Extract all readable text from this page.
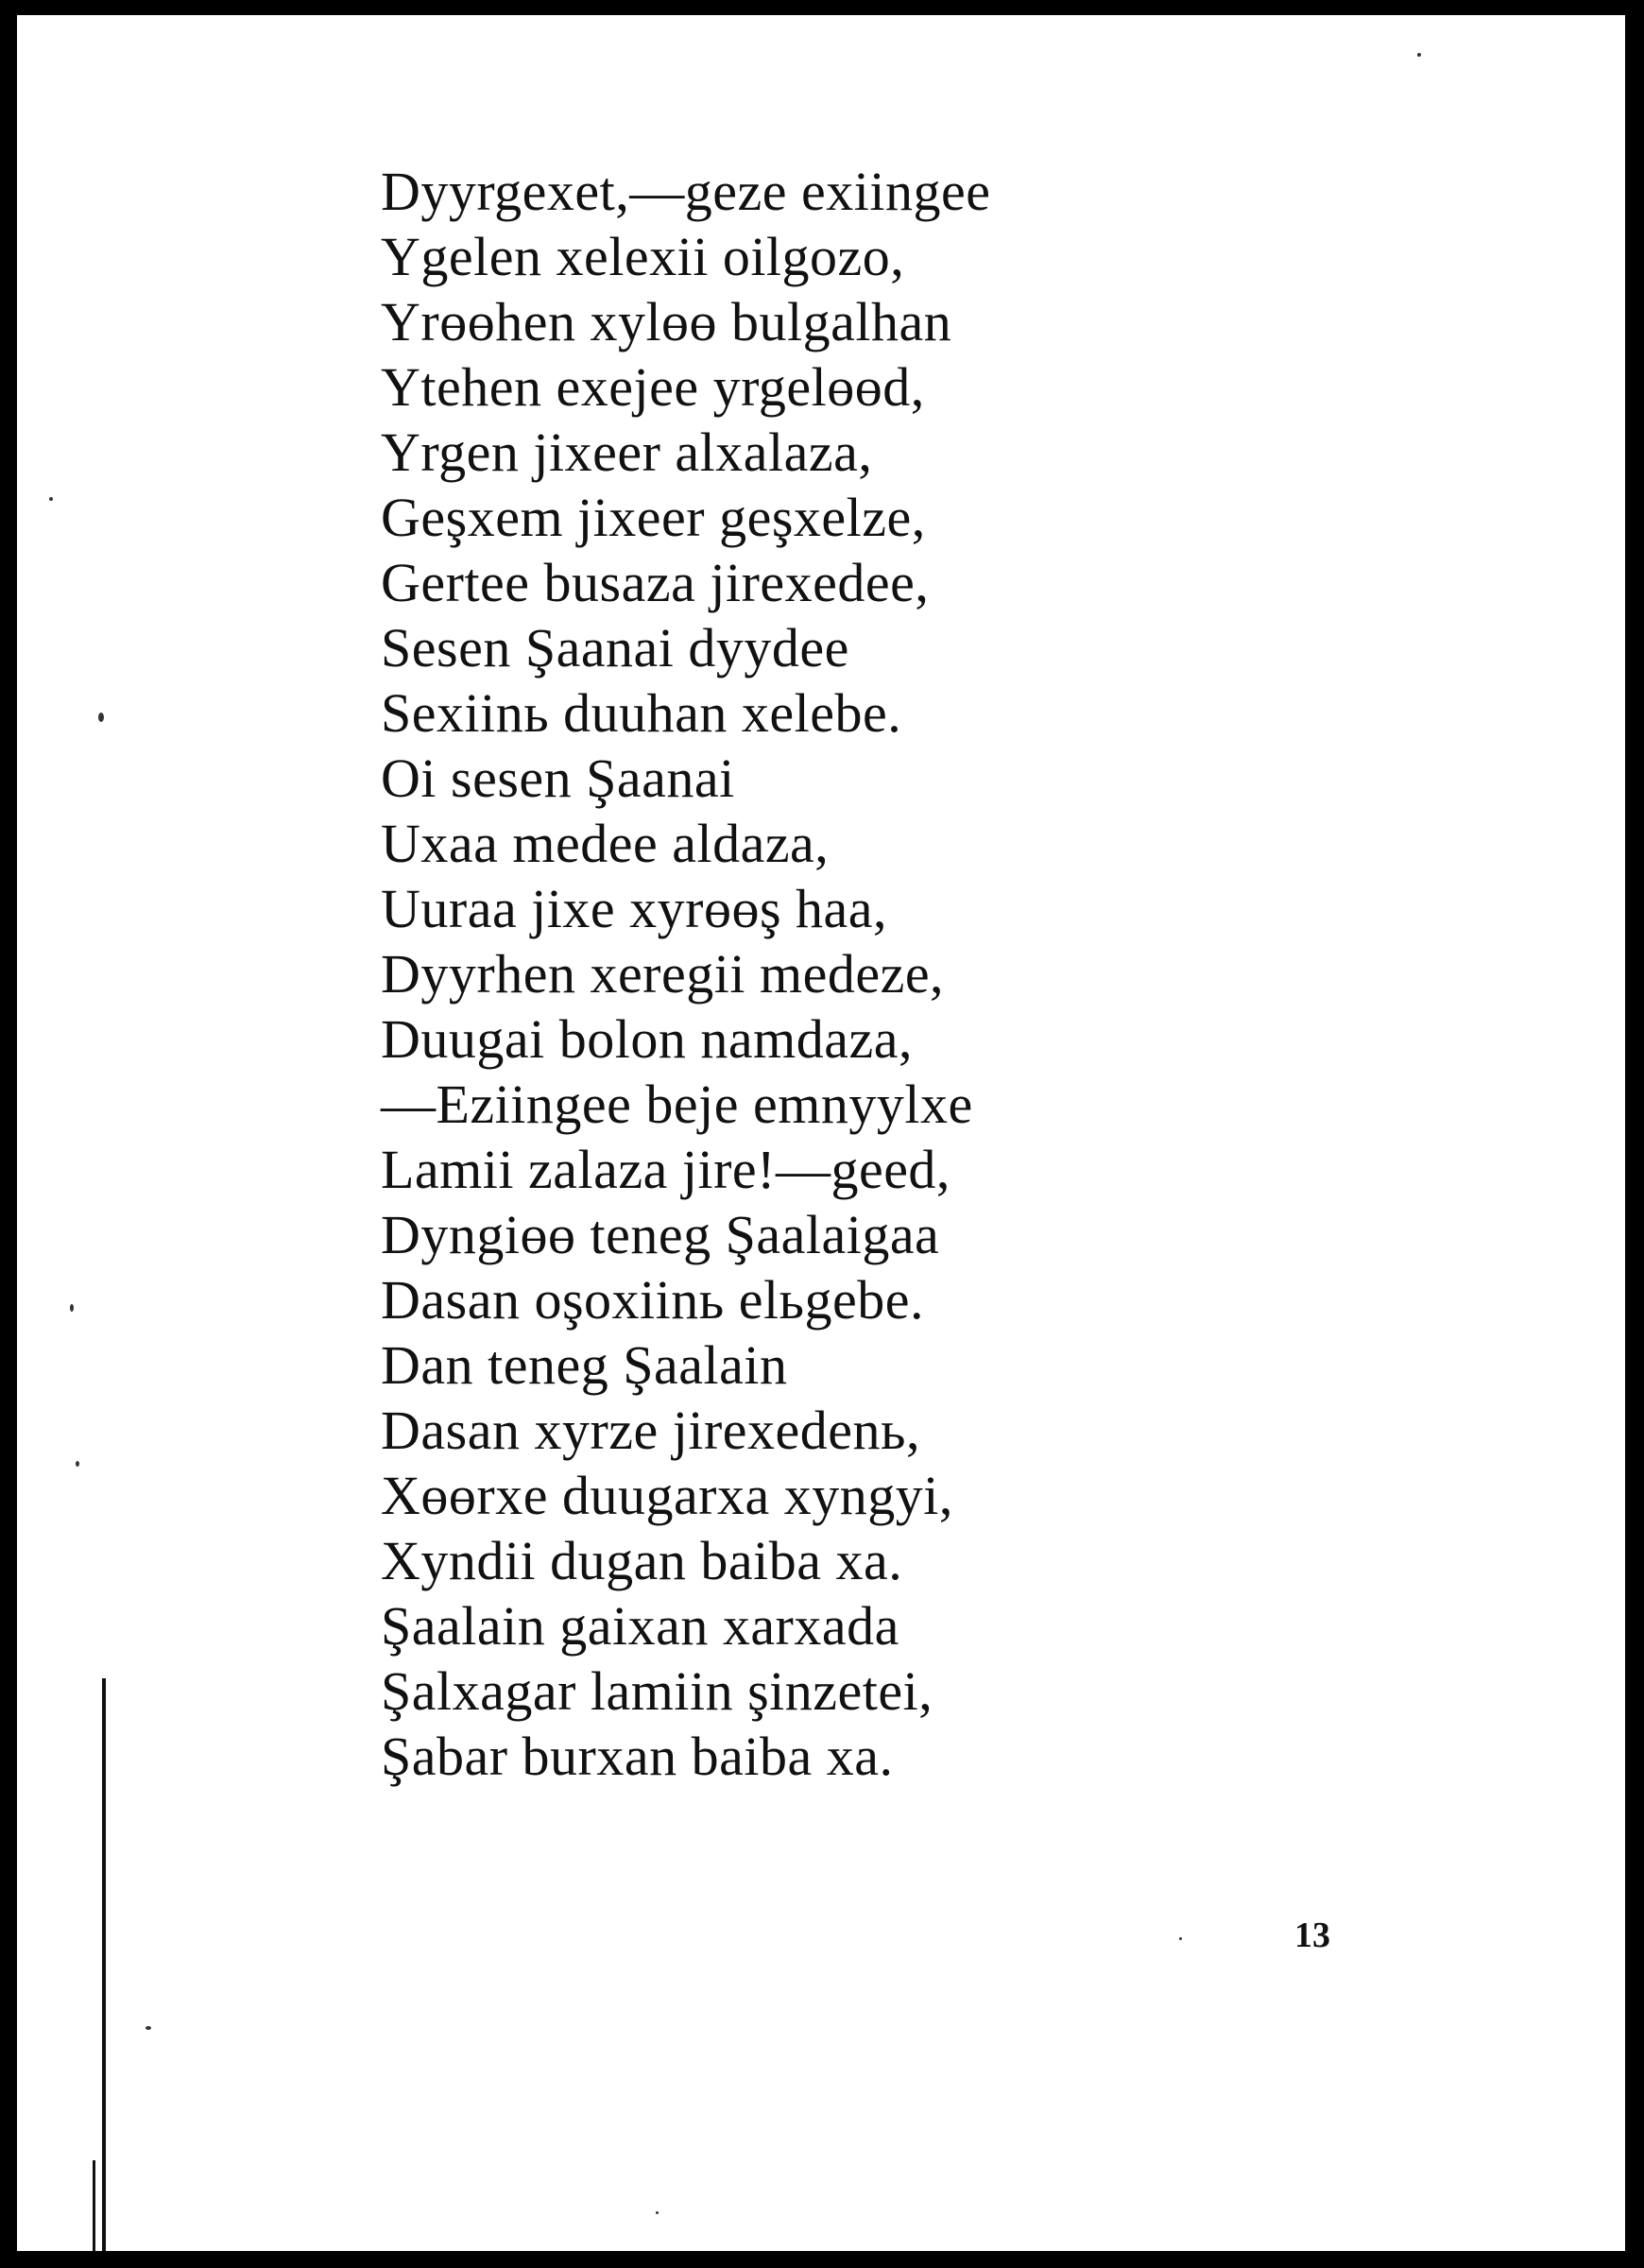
Dyyrgexet,—geze exiingee
Ygelen xelexii oilgozo,
Yrɵɵhen xylɵɵ bulgalhan
Ytehen exejee yrgelɵɵd,
Yrgen jixeer alxalaza,
Geşxem jixeer geşxelze,
Gertee busaza jirexedee,
Sesen Şaanai dyydee
Sexiinь duuhan xelebe.
Oi sesen Şaanai
Uxaa medee aldaza,
Uuraa jixe xyrɵɵş haa,
Dyyrhen xeregii medeze,
Duugai bolon namdaza,
—Eziingee beje emnyylxe
Lamii zalaza jire!—geed,
Dyngiɵɵ teneg Şaalaigaa
Dasan oşoxiinь elьgebe.
Dan teneg Şaalain
Dasan xyrze jirexedenь,
Xɵɵrxe duugarxa xyngyi,
Xyndii dugan baiba xa.
Şaalain gaixan xarxada
Şalxagar lamiin şinzetei,
Şabar burxan baiba xa.
13
